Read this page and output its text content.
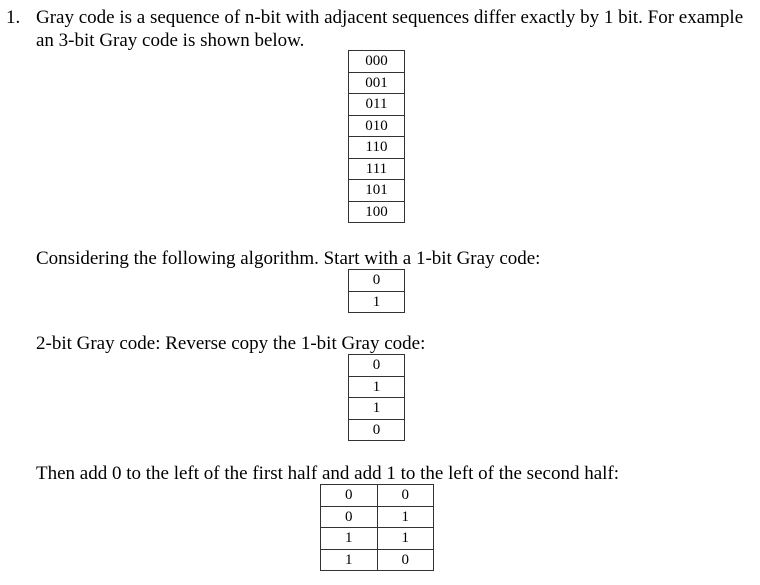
1. Gray code is a sequence of n-bit with adjacent sequences differ exactly by 1 bit. For example
an 3-bit Gray code is shown below.
000
001
011
010
110
111
101
100
Considering the following algorithm. Start with a 1-bit Gray code:
0
1
2-bit Gray code: Reverse copy the 1-bit Gray code:
0
1
1
0
Then add 0 to the left of the first half and add 1 to the left of the second half:
0	0
0	1
1	1
1	0
